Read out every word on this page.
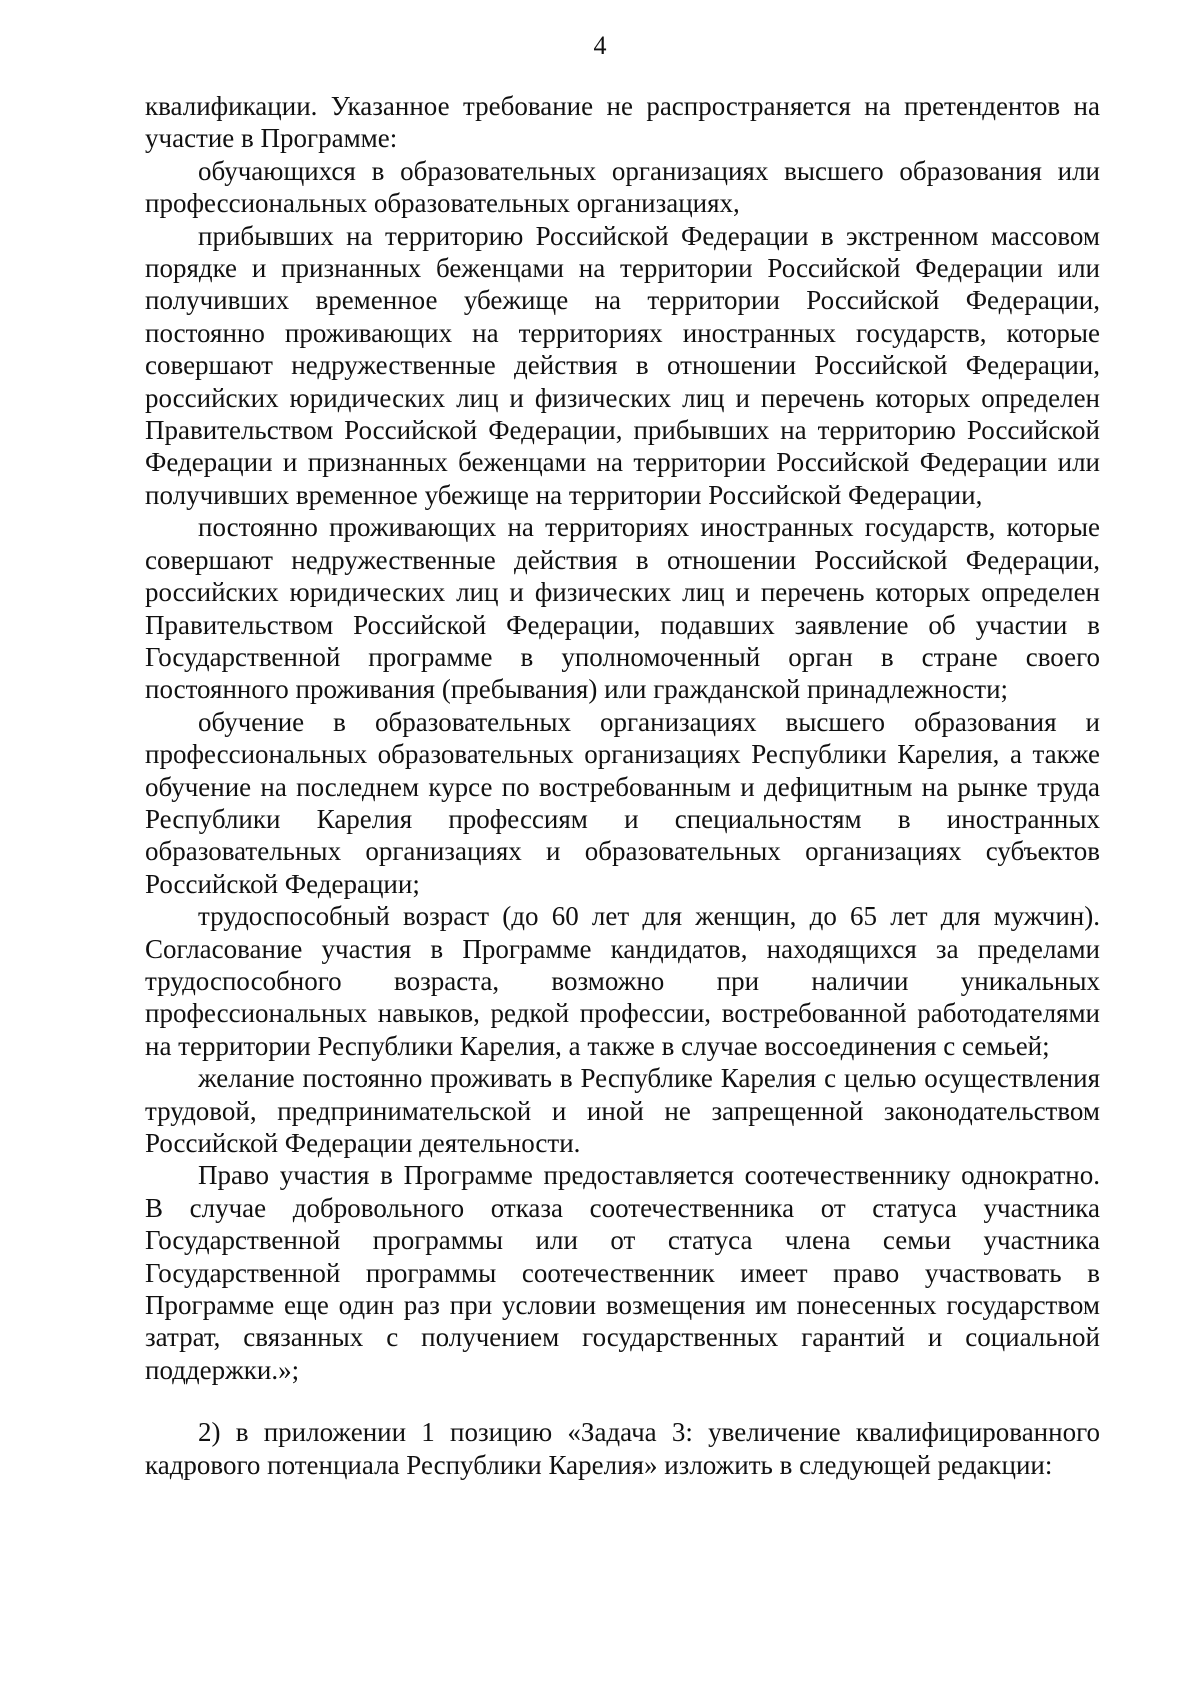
4

квалификации. Указанное требование не распространяется на претендентов на участие в Программе:

обучающихся в образовательных организациях высшего образования или профессиональных образовательных организациях,

прибывших на территорию Российской Федерации в экстренном массовом порядке и признанных беженцами на территории Российской Федерации или получивших временное убежище на территории Российской Федерации, постоянно проживающих на территориях иностранных государств, которые совершают недружественные действия в отношении Российской Федерации, российских юридических лиц и физических лиц и перечень которых определен Правительством Российской Федерации, прибывших на территорию Российской Федерации и признанных беженцами на территории Российской Федерации или получивших временное убежище на территории Российской Федерации,

постоянно проживающих на территориях иностранных государств, которые совершают недружественные действия в отношении Российской Федерации, российских юридических лиц и физических лиц и перечень которых определен Правительством Российской Федерации, подавших заявление об участии в Государственной программе в уполномоченный орган в стране своего постоянного проживания (пребывания) или гражданской принадлежности;

обучение в образовательных организациях высшего образования и профессиональных образовательных организациях Республики Карелия, а также обучение на последнем курсе по востребованным и дефицитным на рынке труда Республики Карелия профессиям и специальностям в иностранных образовательных организациях и образовательных организациях субъектов Российской Федерации;

трудоспособный возраст (до 60 лет для женщин, до 65 лет для мужчин). Согласование участия в Программе кандидатов, находящихся за пределами трудоспособного возраста, возможно при наличии уникальных профессиональных навыков, редкой профессии, востребованной работодателями на территории Республики Карелия, а также в случае воссоединения с семьей;

желание постоянно проживать в Республике Карелия с целью осуществления трудовой, предпринимательской и иной не запрещенной законодательством Российской Федерации деятельности.

Право участия в Программе предоставляется соотечественнику однократно. В случае добровольного отказа соотечественника от статуса участника Государственной программы или от статуса члена семьи участника Государственной программы соотечественник имеет право участвовать в Программе еще один раз при условии возмещения им понесенных государством затрат, связанных с получением государственных гарантий и социальной поддержки.»;

2) в приложении 1 позицию «Задача 3: увеличение квалифицированного кадрового потенциала Республики Карелия» изложить в следующей редакции:
